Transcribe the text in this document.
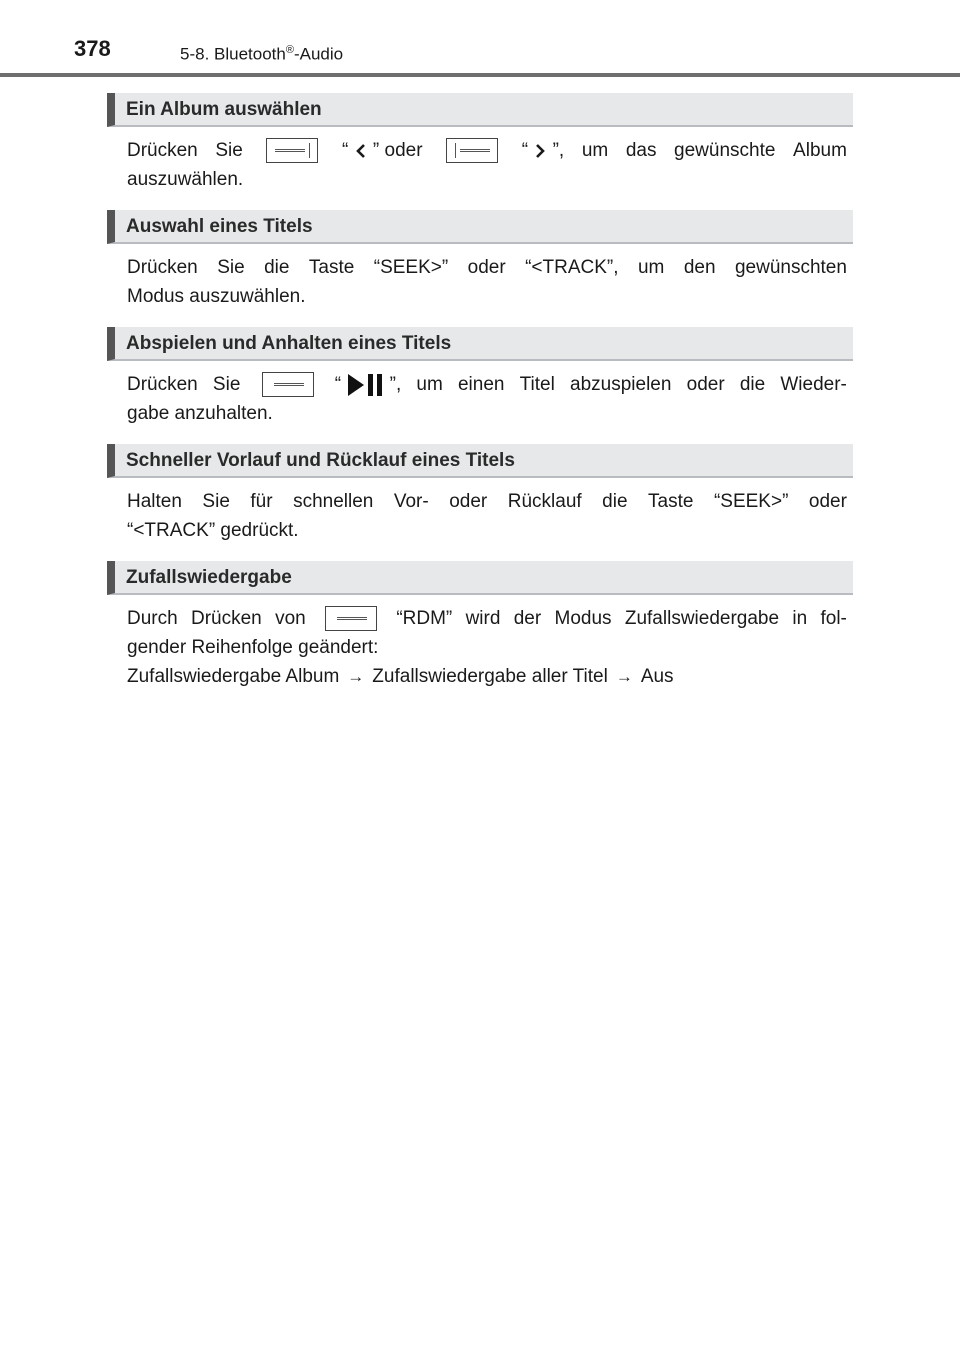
378	5-8. Bluetooth®-Audio
Ein Album auswählen
Drücken Sie	“ ” oder	“ ”, um das gewünschte Album
auszuwählen.
Auswahl eines Titels
Drücken Sie die Taste “SEEK>” oder “<TRACK”, um den gewünschten
Modus auszuwählen.
Abspielen und Anhalten eines Titels
Drücken Sie	“	”, um einen Titel abzuspielen oder die Wieder-
gabe anzuhalten.
Schneller Vorlauf und Rücklauf eines Titels
Halten Sie für schnellen Vor- oder Rücklauf die Taste “SEEK>” oder
“<TRACK” gedrückt.
Zufallswiedergabe
Durch Drücken von	“RDM” wird der Modus Zufallswiedergabe in fol-
gender Reihenfolge geändert:
Zufallswiedergabe Album → Zufallswiedergabe aller Titel → Aus
